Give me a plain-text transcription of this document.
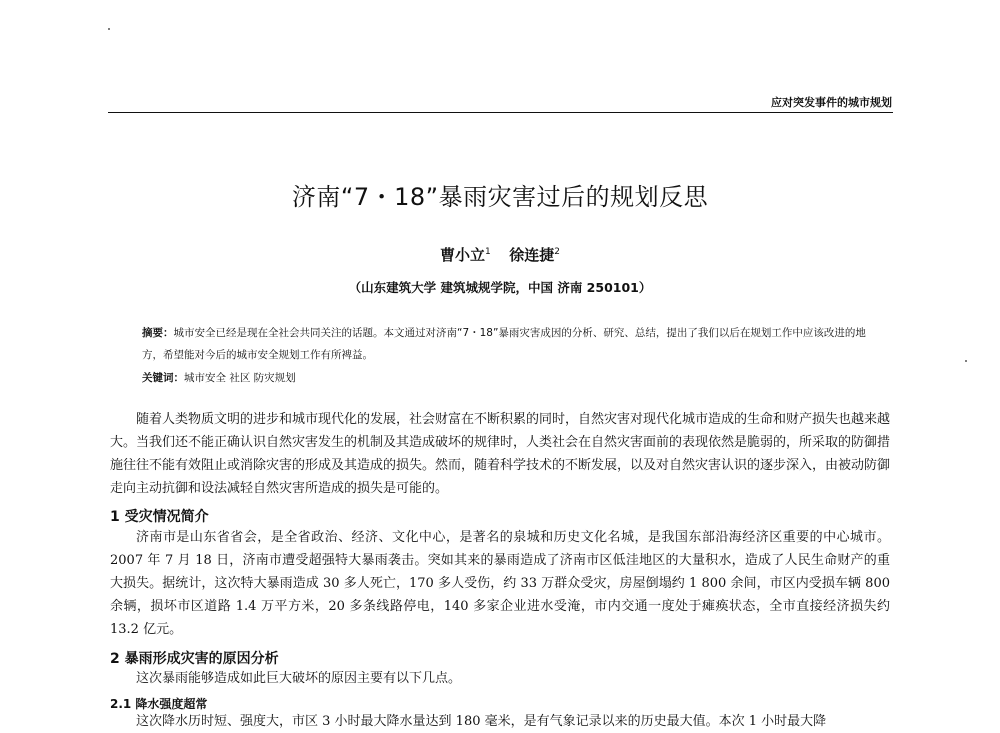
应对突发事件的城市规划
济南“7・18”暴雨灾害过后的规划反思
曹小立$^1$ 徐连捷$^2$
（山东建筑大学 建筑城规学院，中国 济南 250101）
摘要：城市安全已经是现在全社会共同关注的话题。本文通过对济南“7・18”暴雨灾害成因的分析、研究、总结，提出了我们以后在规划工作中应该改进的地方，希望能对今后的城市安全规划工作有所裨益。
关键词：城市安全 社区 防灾规划
随着人类物质文明的进步和城市现代化的发展，社会财富在不断积累的同时，自然灾害对现代化城市造成的生命和财产损失也越来越大。当我们还不能正确认识自然灾害发生的机制及其造成破坏的规律时，人类社会在自然灾害面前的表现依然是脆弱的，所采取的防御措施往往不能有效阻止或消除灾害的形成及其造成的损失。然而，随着科学技术的不断发展，以及对自然灾害认识的逐步深入，由被动防御走向主动抗御和设法减轻自然灾害所造成的损失是可能的。
1 受灾情况简介
济南市是山东省省会，是全省政治、经济、文化中心，是著名的泉城和历史文化名城，是我国东部沿海经济区重要的中心城市。2007 年 7 月 18 日，济南市遭受超强特大暴雨袭击。突如其来的暴雨造成了济南市区低洼地区的大量积水，造成了人民生命财产的重大损失。据统计，这次特大暴雨造成 30 多人死亡，170 多人受伤，约 33 万群众受灾，房屋倒塌约 1 800 余间，市区内受损车辆 800 余辆，损坏市区道路 1.4 万平方米，20 多条线路停电，140 多家企业进水受淹，市内交通一度处于瘫痪状态，全市直接经济损失约 13.2 亿元。
2 暴雨形成灾害的原因分析
这次暴雨能够造成如此巨大破坏的原因主要有以下几点。
2.1 降水强度超常
这次降水历时短、强度大，市区 3 小时最大降水量达到 180 毫米，是有气象记录以来的历史最大值。本次 1 小时最大降
